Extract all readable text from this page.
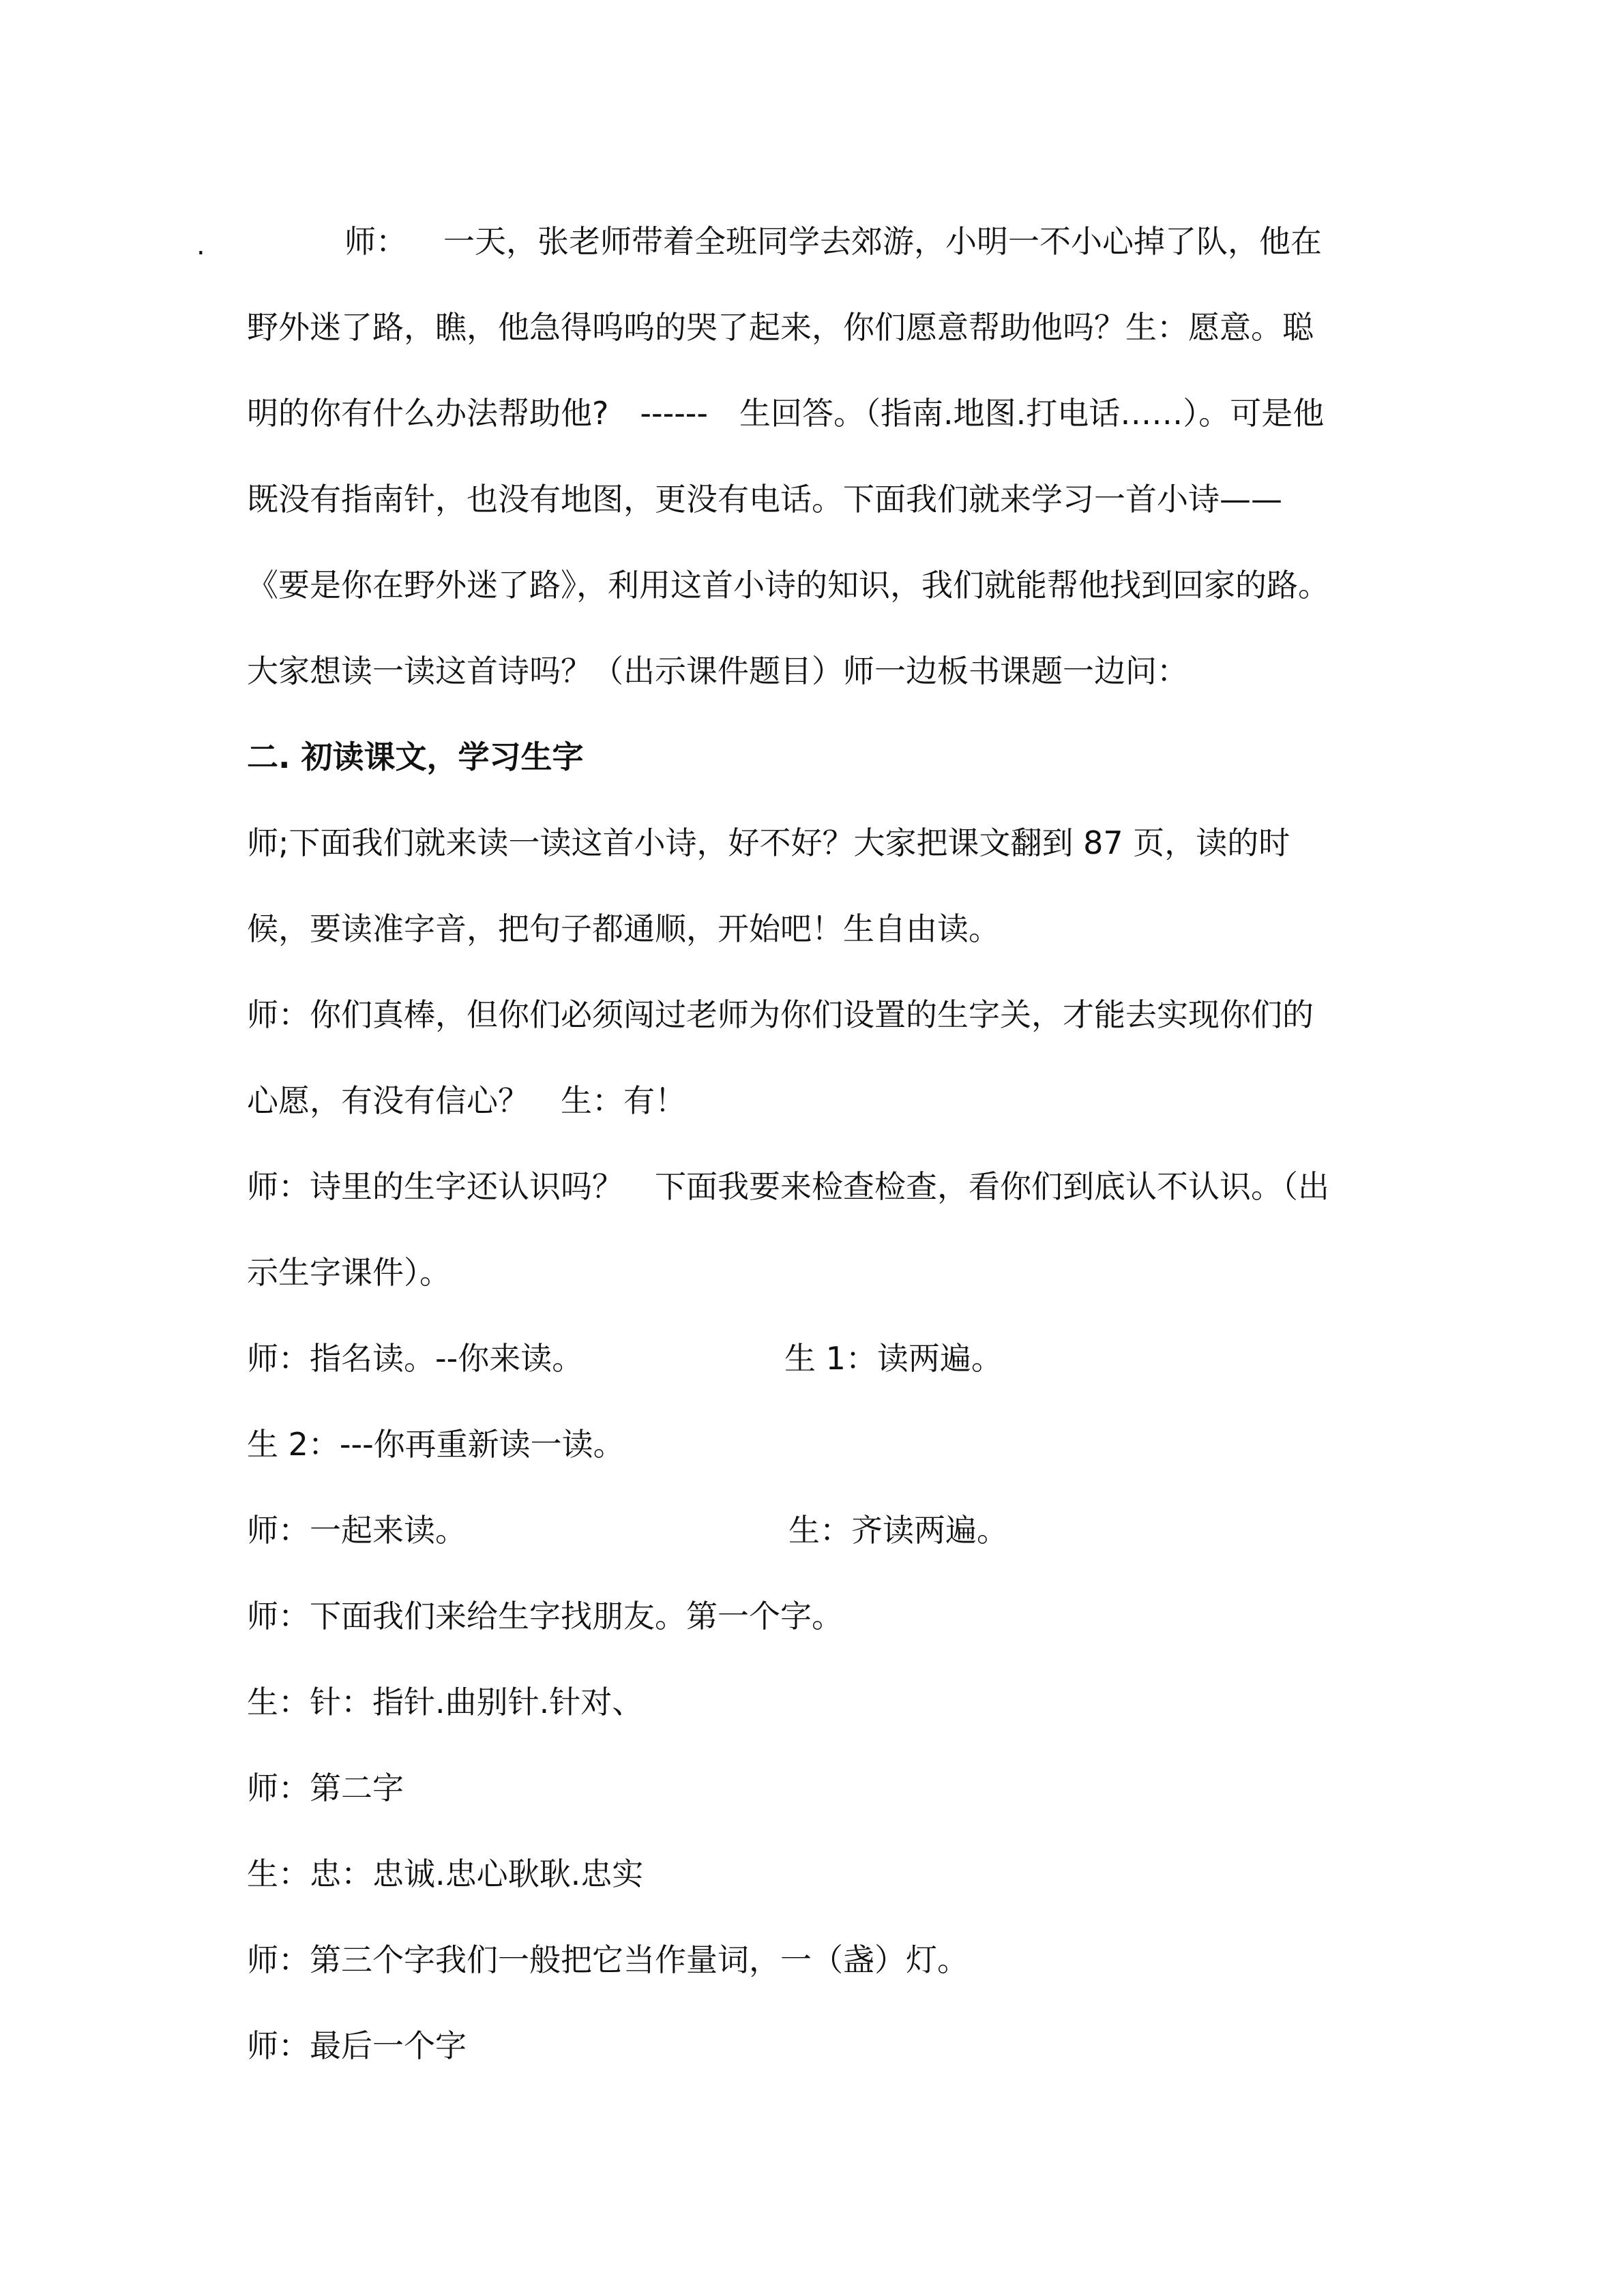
.	师： 一天，张老师带着全班同学去郊游，小明一不小心掉了队，他在

野外迷了路，瞧，他急得呜呜的哭了起来，你们愿意帮助他吗？生：愿意。聪

明的你有什么办法帮助他?　------　生回答。（指南.地图.打电话……）。可是他

既没有指南针，也没有地图，更没有电话。下面我们就来学习一首小诗——

《要是你在野外迷了路》，利用这首小诗的知识，我们就能帮他找到回家的路。

大家想读一读这首诗吗？（出示课件题目）师一边板书课题一边问：

二. 初读课文，学习生字

师;下面我们就来读一读这首小诗，好不好？大家把课文翻到 87 页，读的时

候，要读准字音，把句子都通顺，开始吧！生自由读。

师：你们真棒，但你们必须闯过老师为你们设置的生字关，才能去实现你们的

心愿，有没有信心？　生：有！

师：诗里的生字还认识吗？　下面我要来检查检查，看你们到底认不认识。（出

示生字课件）。

师：指名读。--你来读。	生 1：读两遍。
生 2：---你再重新读一读。
师：一起来读。	生：齐读两遍。

师：下面我们来给生字找朋友。第一个字。

生：针：指针.曲别针.针对、

师：第二字

生：忠：忠诚.忠心耿耿.忠实

师：第三个字我们一般把它当作量词，一（盏）灯。

师：最后一个字
